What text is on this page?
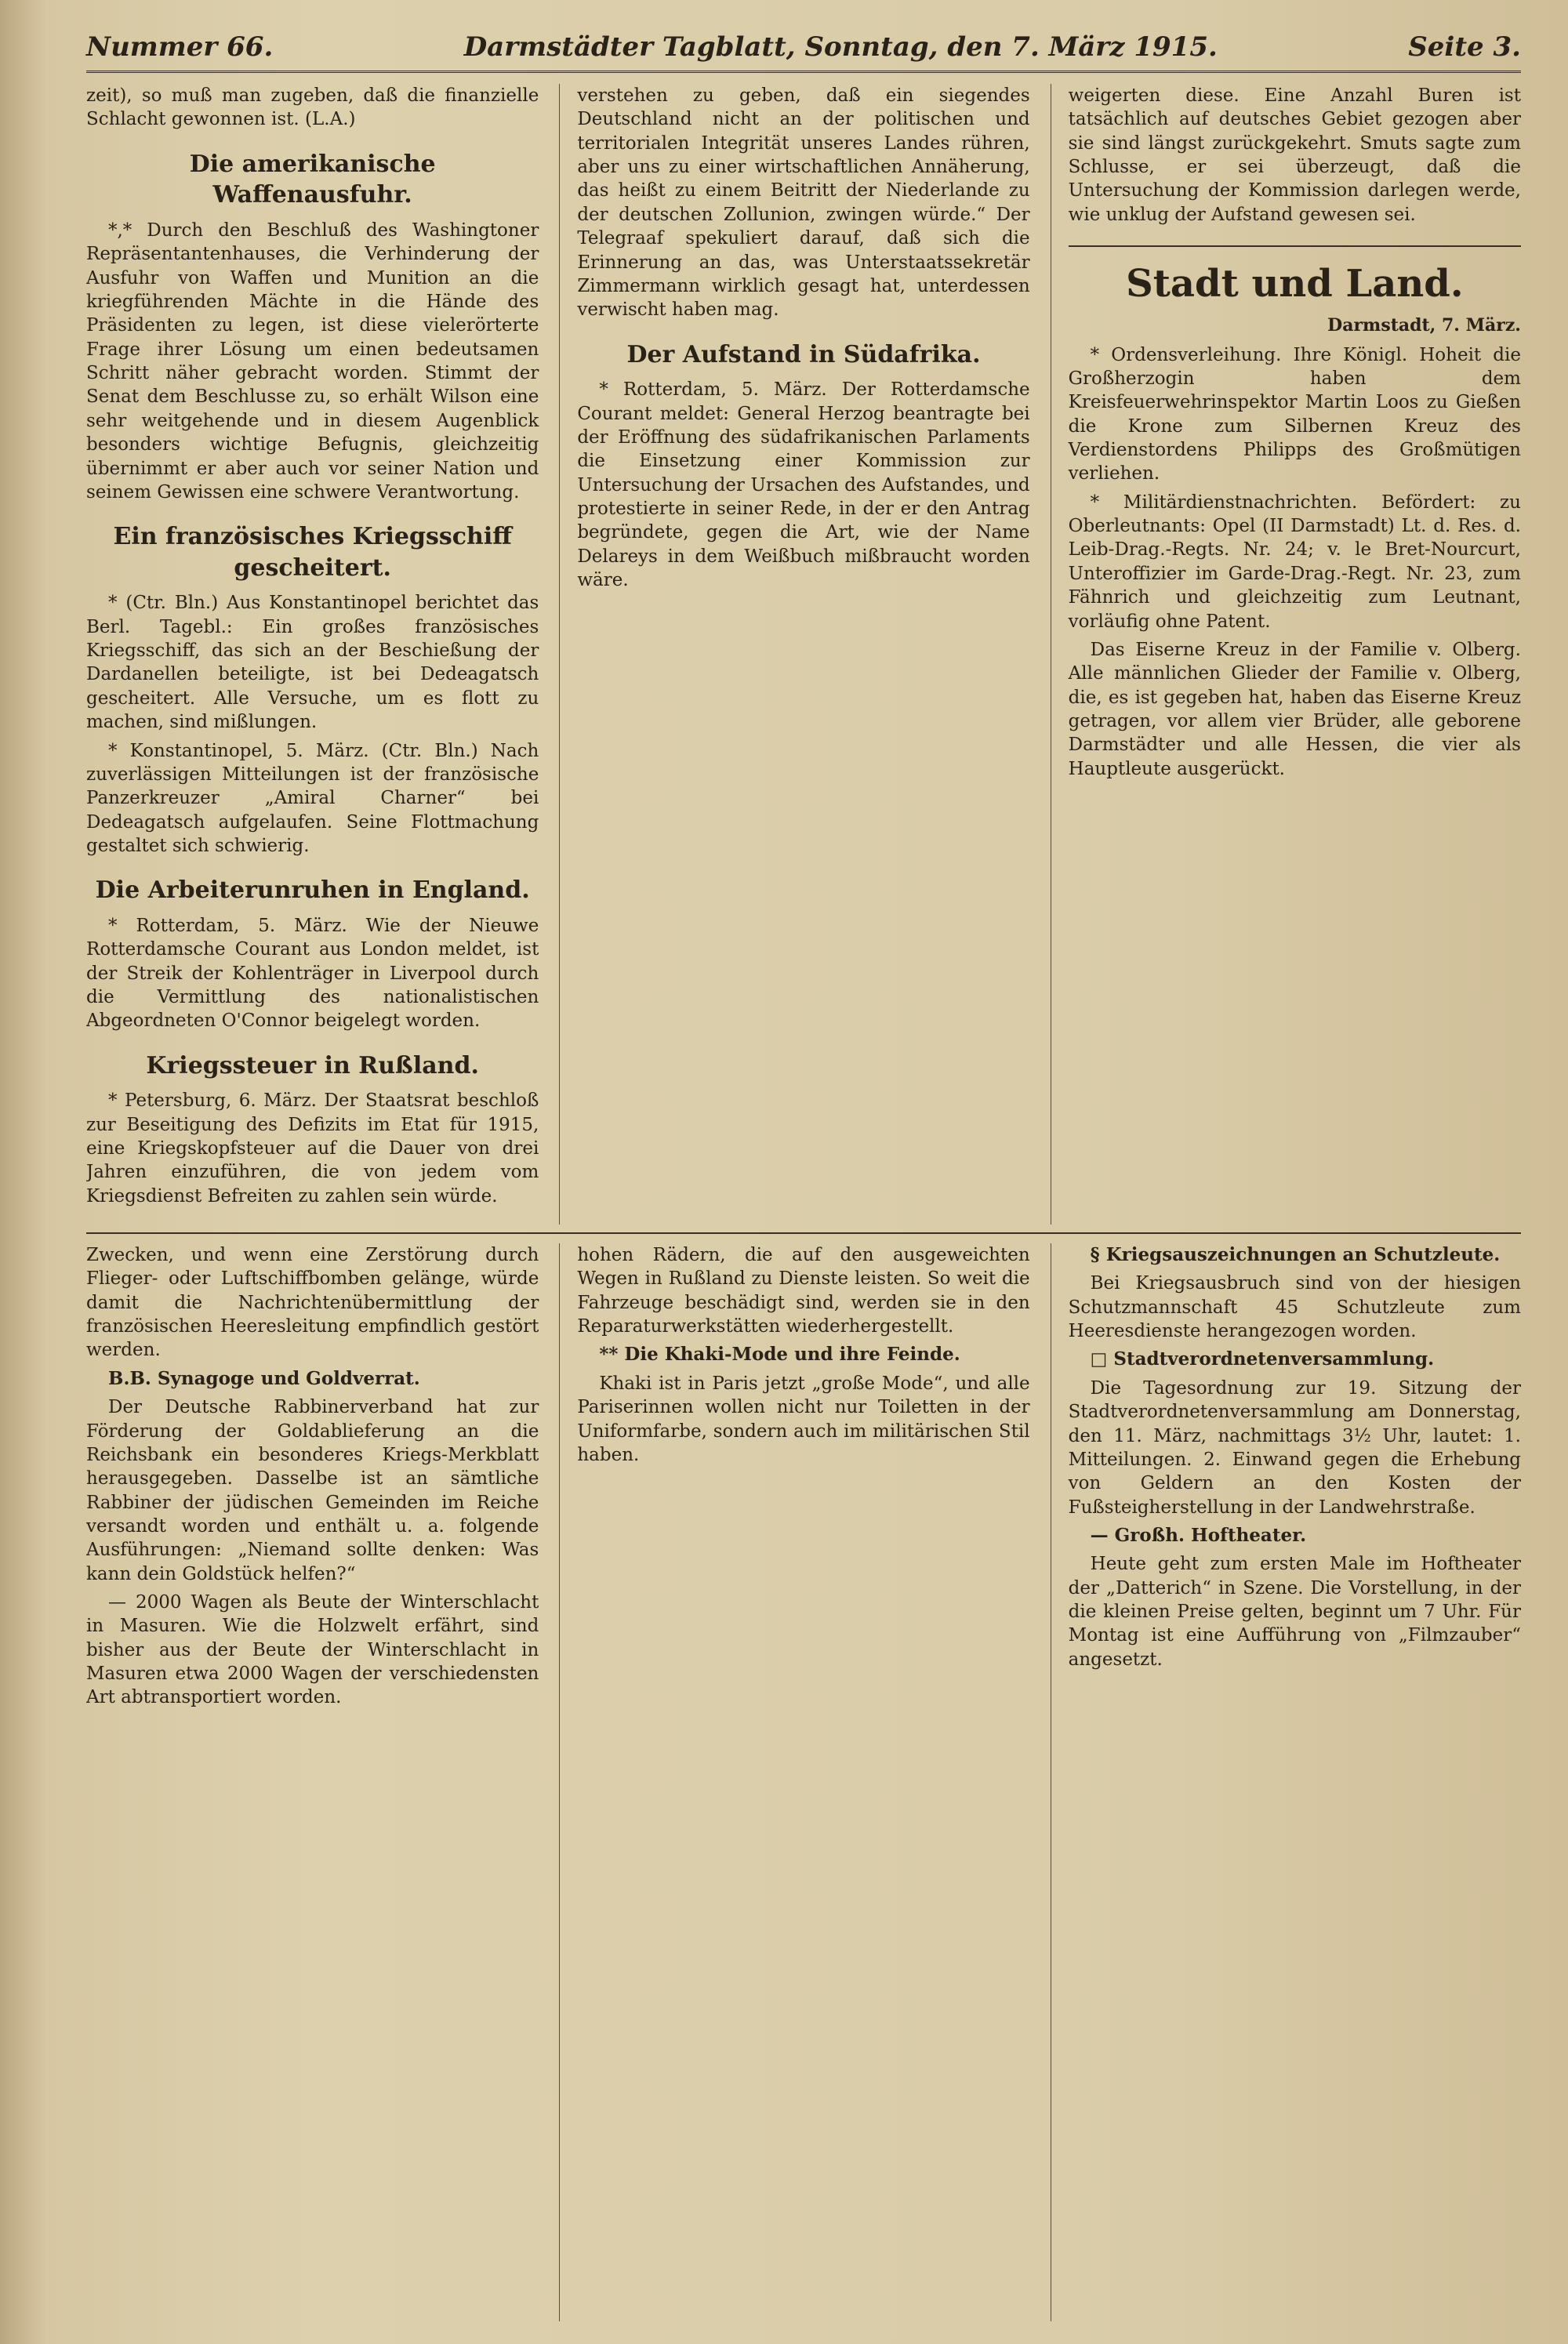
Nummer 66.	Darmstädter Tagblatt, Sonntag, den 7. März 1915.	Seite 3.

zeit), so muß man zugeben, daß die finanzielle Schlacht gewonnen ist. (L.A.)

Die amerikanische Waffenausfuhr.

*,* Durch den Beschluß des Washingtoner Repräsentantenhauses, die Verhinderung der Ausfuhr von Waffen und Munition an die kriegführenden Mächte in die Hände des Präsidenten zu legen, ist diese vielerörterte Frage ihrer Lösung um einen bedeutsamen Schritt näher gebracht worden. Stimmt der Senat dem Beschlusse zu, so erhält Wilson eine sehr weitgehende und in diesem Augenblick besonders wichtige Befugnis, gleichzeitig übernimmt er aber auch vor seiner Nation und seinem Gewissen eine schwere Verantwortung.

Ein französisches Kriegsschiff gescheitert.

* (Ctr. Bln.) Aus Konstantinopel berichtet das Berl. Tagebl.: Ein großes französisches Kriegsschiff, das sich an der Beschießung der Dardanellen beteiligte, ist bei Dedeagatsch gescheitert. Alle Versuche, um es flott zu machen, sind mißlungen.

* Konstantinopel, 5. März. (Ctr. Bln.) Nach zuverlässigen Mitteilungen ist der französische Panzerkreuzer „Amiral Charner“ bei Dedeagatsch aufgelaufen. Seine Flottmachung gestaltet sich schwierig.

Die Arbeiterunruhen in England.

* Rotterdam, 5. März. Wie der Nieuwe Rotterdamsche Courant aus London meldet, ist der Streik der Kohlenträger in Liverpool durch die Vermittlung des nationalistischen Abgeordneten O'Connor beigelegt worden.

Kriegssteuer in Rußland.

* Petersburg, 6. März. Der Staatsrat beschloß zur Beseitigung des Defizits im Etat für 1915, eine Kriegskopfsteuer auf die Dauer von drei Jahren einzuführen, die von jedem vom Kriegsdienst Befreiten zu zahlen sein würde.

verstehen zu geben, daß ein siegendes Deutschland nicht an der politischen und territorialen Integrität unseres Landes rühren, aber uns zu einer wirtschaftlichen Annäherung, das heißt zu einem Beitritt der Niederlande zu der deutschen Zollunion, zwingen würde.“ Der Telegraaf spekuliert darauf, daß sich die Erinnerung an das, was Unterstaatssekretär Zimmermann wirklich gesagt hat, unterdessen verwischt haben mag.

Der Aufstand in Südafrika.

* Rotterdam, 5. März. Der Rotterdamsche Courant meldet: General Herzog beantragte bei der Eröffnung des südafrikanischen Parlaments die Einsetzung einer Kommission zur Untersuchung der Ursachen des Aufstandes, und protestierte in seiner Rede, in der er den Antrag begründete, gegen die Art, wie der Name Delareys in dem Weißbuch mißbraucht worden wäre.

weigerten diese. Eine Anzahl Buren ist tatsächlich auf deutsches Gebiet gezogen aber sie sind längst zurückgekehrt. Smuts sagte zum Schlusse, er sei überzeugt, daß die Untersuchung der Kommission darlegen werde, wie unklug der Aufstand gewesen sei.

Stadt und Land.
Darmstadt, 7. März.

* Ordensverleihung. Ihre Königl. Hoheit die Großherzogin haben dem Kreisfeuerwehrinspektor Martin Loos zu Gießen die Krone zum Silbernen Kreuz des Verdienstordens Philipps des Großmütigen verliehen.

* Militärdienstnachrichten. Befördert: zu Oberleutnants: Opel (II Darmstadt) Lt. d. Res. d. Leib-Drag.-Regts. Nr. 24; v. le Bret-Nourcurt, Unteroffizier im Garde-Drag.-Regt. Nr. 23, zum Fähnrich und gleichzeitig zum Leutnant, vorläufig ohne Patent.

Das Eiserne Kreuz in der Familie v. Olberg. Alle männlichen Glieder der Familie v. Olberg, die, es ist gegeben hat, haben das Eiserne Kreuz getragen, vor allem vier Brüder, alle geborene Darmstädter und alle Hessen, die vier als Hauptleute ausgerückt.

Zwecken, und wenn eine Zerstörung durch Flieger- oder Luftschiffbomben gelänge, würde damit die Nachrichtenübermittlung der französischen Heeresleitung empfindlich gestört werden.

B.B. Synagoge und Goldverrat.

Der Deutsche Rabbinerverband hat zur Förderung der Goldablieferung an die Reichsbank ein besonderes Kriegs-Merkblatt herausgegeben. Dasselbe ist an sämtliche Rabbiner der jüdischen Gemeinden im Reiche versandt worden und enthält u. a. folgende Ausführungen: „Niemand sollte denken: Was kann dein Goldstück helfen?“

— 2000 Wagen als Beute der Winterschlacht in Masuren. Wie die Holzwelt erfährt, sind bisher aus der Beute der Winterschlacht in Masuren etwa 2000 Wagen der verschiedensten Art abtransportiert worden.

hohen Rädern, die auf den ausgeweichten Wegen in Rußland zu Dienste leisten. So weit die Fahrzeuge beschädigt sind, werden sie in den Reparaturwerkstätten wiederhergestellt.

** Die Khaki-Mode und ihre Feinde.

Khaki ist in Paris jetzt „große Mode“, und alle Pariserinnen wollen nicht nur Toiletten in der Uniformfarbe, sondern auch im militärischen Stil haben.

§ Kriegsauszeichnungen an Schutzleute.

Bei Kriegsausbruch sind von der hiesigen Schutzmannschaft 45 Schutzleute zum Heeresdienste herangezogen worden.

□ Stadtverordnetenversammlung.

Die Tagesordnung zur 19. Sitzung der Stadtverordnetenversammlung am Donnerstag, den 11. März, nachmittags 3½ Uhr, lautet: 1. Mitteilungen. 2. Einwand gegen die Erhebung von Geldern an den Kosten der Fußsteigherstellung in der Landwehrstraße.

— Großh. Hoftheater.

Heute geht zum ersten Male im Hoftheater der „Datterich“ in Szene. Die Vorstellung, in der die kleinen Preise gelten, beginnt um 7 Uhr. Für Montag ist eine Aufführung von „Filmzauber“ angesetzt.
